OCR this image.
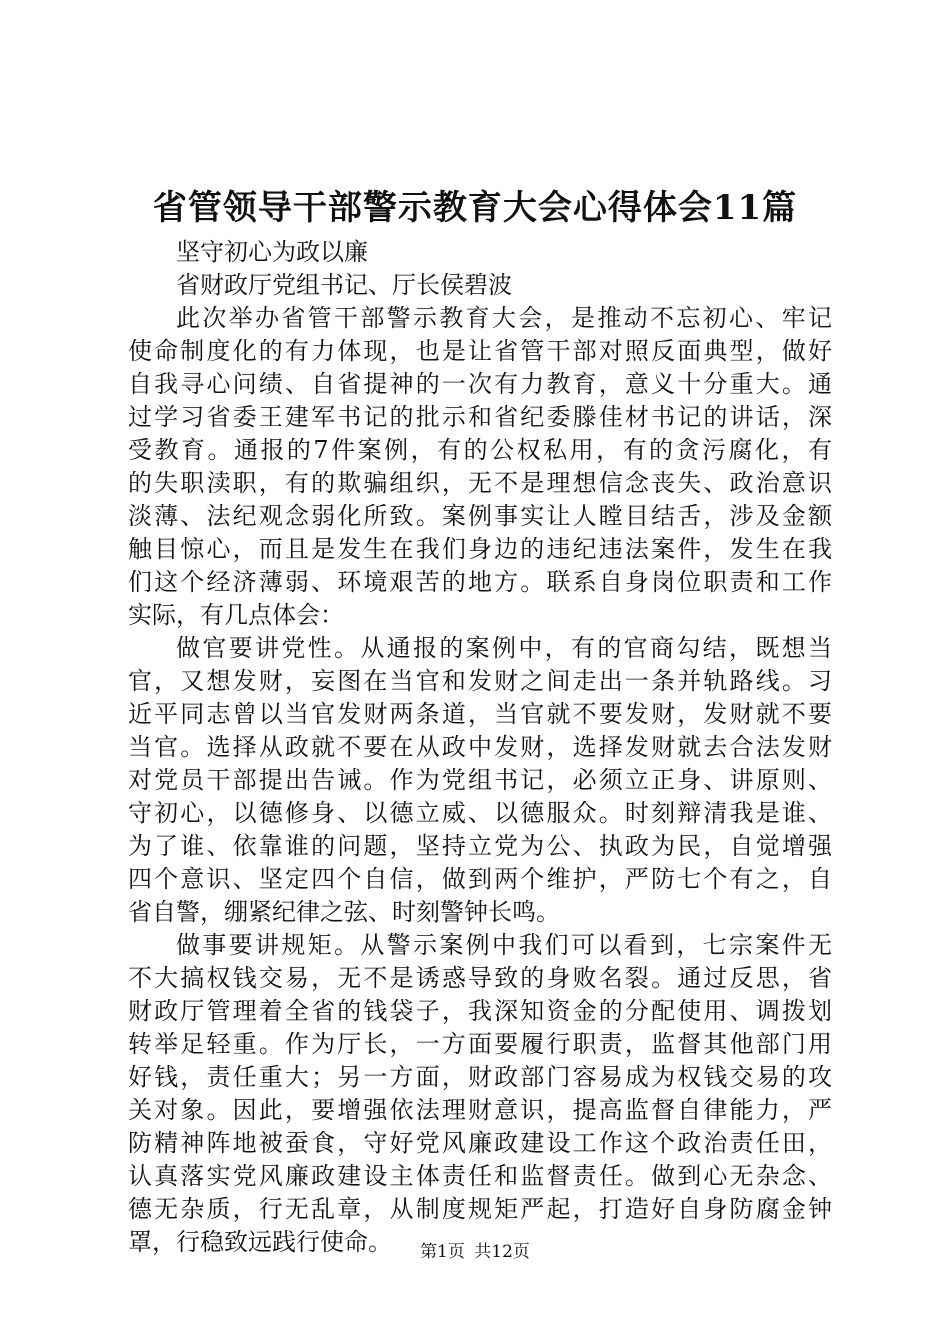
省管领导干部警示教育大会心得体会11篇
坚守初心为政以廉
省财政厅党组书记、厅长侯碧波
此次举办省管干部警示教育大会，是推动不忘初心、牢记
使命制度化的有力体现，也是让省管干部对照反面典型，做好
自我寻心问绩、自省提神的一次有力教育，意义十分重大。通
过学习省委王建军书记的批示和省纪委滕佳材书记的讲话，深
受教育。通报的7件案例，有的公权私用，有的贪污腐化，有
的失职渎职，有的欺骗组织，无不是理想信念丧失、政治意识
淡薄、法纪观念弱化所致。案例事实让人瞠目结舌，涉及金额
触目惊心，而且是发生在我们身边的违纪违法案件，发生在我
们这个经济薄弱、环境艰苦的地方。联系自身岗位职责和工作
实际，有几点体会：
做官要讲党性。从通报的案例中，有的官商勾结，既想当
官，又想发财，妄图在当官和发财之间走出一条并轨路线。习
近平同志曾以当官发财两条道，当官就不要发财，发财就不要
当官。选择从政就不要在从政中发财，选择发财就去合法发财
对党员干部提出告诫。作为党组书记，必须立正身、讲原则、
守初心，以德修身、以德立威、以德服众。时刻辩清我是谁、
为了谁、依靠谁的问题，坚持立党为公、执政为民，自觉增强
四个意识、坚定四个自信，做到两个维护，严防七个有之，自
省自警，绷紧纪律之弦、时刻警钟长鸣。
做事要讲规矩。从警示案例中我们可以看到，七宗案件无
不大搞权钱交易，无不是诱惑导致的身败名裂。通过反思，省
财政厅管理着全省的钱袋子，我深知资金的分配使用、调拨划
转举足轻重。作为厅长，一方面要履行职责，监督其他部门用
好钱，责任重大；另一方面，财政部门容易成为权钱交易的攻
关对象。因此，要增强依法理财意识，提高监督自律能力，严
防精神阵地被蚕食，守好党风廉政建设工作这个政治责任田，
认真落实党风廉政建设主体责任和监督责任。做到心无杂念、
德无杂质，行无乱章，从制度规矩严起，打造好自身防腐金钟
罩，行稳致远践行使命。	第1页 共12页
